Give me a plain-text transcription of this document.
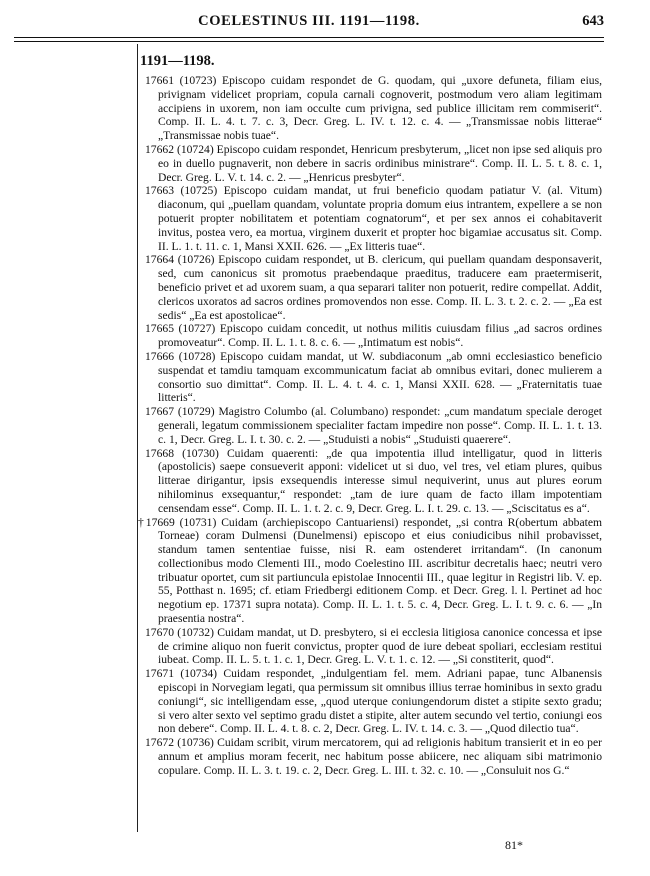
COELESTINUS III. 1191—1198.	643
1191—1198.

17661 (10723) Episcopo cuidam respondet de G. quodam, qui „uxore defuneta, filiam eius, privignam videlicet propriam, copula carnali cognoverit, postmodum vero aliam legitimam accipiens in uxorem, non iam occulte cum privigna, sed publice illicitam rem commiserit“. Comp. II. L. 4. t. 7. c. 3, Decr. Greg. L. IV. t. 12. c. 4. — „Transmissae nobis litterae“ „Transmissae nobis tuae“.

17662 (10724) Episcopo cuidam respondet, Henricum presbyterum, „licet non ipse sed aliquis pro eo in duello pugnaverit, non debere in sacris ordinibus ministrare“. Comp. II. L. 5. t. 8. c. 1, Decr. Greg. L. V. t. 14. c. 2. — „Henricus presbyter“.

17663 (10725) Episcopo cuidam mandat, ut frui beneficio quodam patiatur V. (al. Vitum) diaconum, qui „puellam quandam, voluntate propria domum eius intrantem, expellere a se non potuerit propter nobilitatem et potentiam cognatorum“, et per sex annos ei cohabitaverit invitus, postea vero, ea mortua, virginem duxerit et propter hoc bigamiae accusatus sit. Comp. II. L. 1. t. 11. c. 1, Mansi XXII. 626. — „Ex litteris tuae“.

17664 (10726) Episcopo cuidam respondet, ut B. clericum, qui puellam quandam desponsaverit, sed, cum canonicus sit promotus praebendaque praeditus, traducere eam praetermiserit, beneficio privet et ad uxorem suam, a qua separari taliter non potuerit, redire compellat. Addit, clericos uxoratos ad sacros ordines promovendos non esse. Comp. II. L. 3. t. 2. c. 2. — „Ea est sedis“ „Ea est apostolicae“.

17665 (10727) Episcopo cuidam concedit, ut nothus militis cuiusdam filius „ad sacros ordines promoveatur“. Comp. II. L. 1. t. 8. c. 6. — „Intimatum est nobis“.

17666 (10728) Episcopo cuidam mandat, ut W. subdiaconum „ab omni ecclesiastico beneficio suspendat et tamdiu tamquam excommunicatum faciat ab omnibus evitari, donec mulierem a consortio suo dimittat“. Comp. II. L. 4. t. 4. c. 1, Mansi XXII. 628. — „Fraternitatis tuae litteris“.

17667 (10729) Magistro Columbo (al. Columbano) respondet: „cum mandatum speciale deroget generali, legatum commissionem specialiter factam impedire non posse“. Comp. II. L. 1. t. 13. c. 1, Decr. Greg. L. I. t. 30. c. 2. — „Studuisti a nobis“ „Studuisti quaerere“.

17668 (10730) Cuidam quaerenti: „de qua impotentia illud intelligatur, quod in litteris (apostolicis) saepe consueverit apponi: videlicet ut si duo, vel tres, vel etiam plures, quibus litterae dirigantur, ipsis exsequendis interesse simul nequiverint, unus aut plures eorum nihilominus exsequantur,“ respondet: „tam de iure quam de facto illam impotentiam censendam esse“. Comp. II. L. 1. t. 2. c. 9, Decr. Greg. L. I. t. 29. c. 13. — „Sciscitatus es a“.

†17669 (10731) Cuidam (archiepiscopo Cantuariensi) respondet, „si contra R(obertum abbatem Torneae) coram Dulmensi (Dunelmensi) episcopo et eius coniudicibus nihil probavisset, standum tamen sententiae fuisse, nisi R. eam ostenderet irritandam“. (In canonum collectionibus modo Clementi III., modo Coelestino III. ascribitur decretalis haec; neutri vero tribuatur oportet, cum sit partiuncula epistolae Innocentii III., quae legitur in Registri lib. V. ep. 55, Potthast n. 1695; cf. etiam Friedbergi editionem Comp. et Decr. Greg. l. l. Pertinet ad hoc negotium ep. 17371 supra notata). Comp. II. L. 1. t. 5. c. 4, Decr. Greg. L. I. t. 9. c. 6. — „In praesentia nostra“.

17670 (10732) Cuidam mandat, ut D. presbytero, si ei ecclesia litigiosa canonice concessa et ipse de crimine aliquo non fuerit convictus, propter quod de iure debeat spoliari, ecclesiam restitui iubeat. Comp. II. L. 5. t. 1. c. 1, Decr. Greg. L. V. t. 1. c. 12. — „Si constiterit, quod“.

17671 (10734) Cuidam respondet, „indulgentiam fel. mem. Adriani papae, tunc Albanensis episcopi in Norvegiam legati, qua permissum sit omnibus illius terrae hominibus in sexto gradu coniungi“, sic intelligendam esse, „quod uterque coniungendorum distet a stipite sexto gradu; si vero alter sexto vel septimo gradu distet a stipite, alter autem secundo vel tertio, coniungi eos non debere“. Comp. II. L. 4. t. 8. c. 2, Decr. Greg. L. IV. t. 14. c. 3. — „Quod dilectio tua“.

17672 (10736) Cuidam scribit, virum mercatorem, qui ad religionis habitum transierit et in eo per annum et amplius moram fecerit, nec habitum posse abiicere, nec aliquam sibi matrimonio copulare. Comp. II. L. 3. t. 19. c. 2, Decr. Greg. L. III. t. 32. c. 10. — „Consuluit nos G.“

81*
